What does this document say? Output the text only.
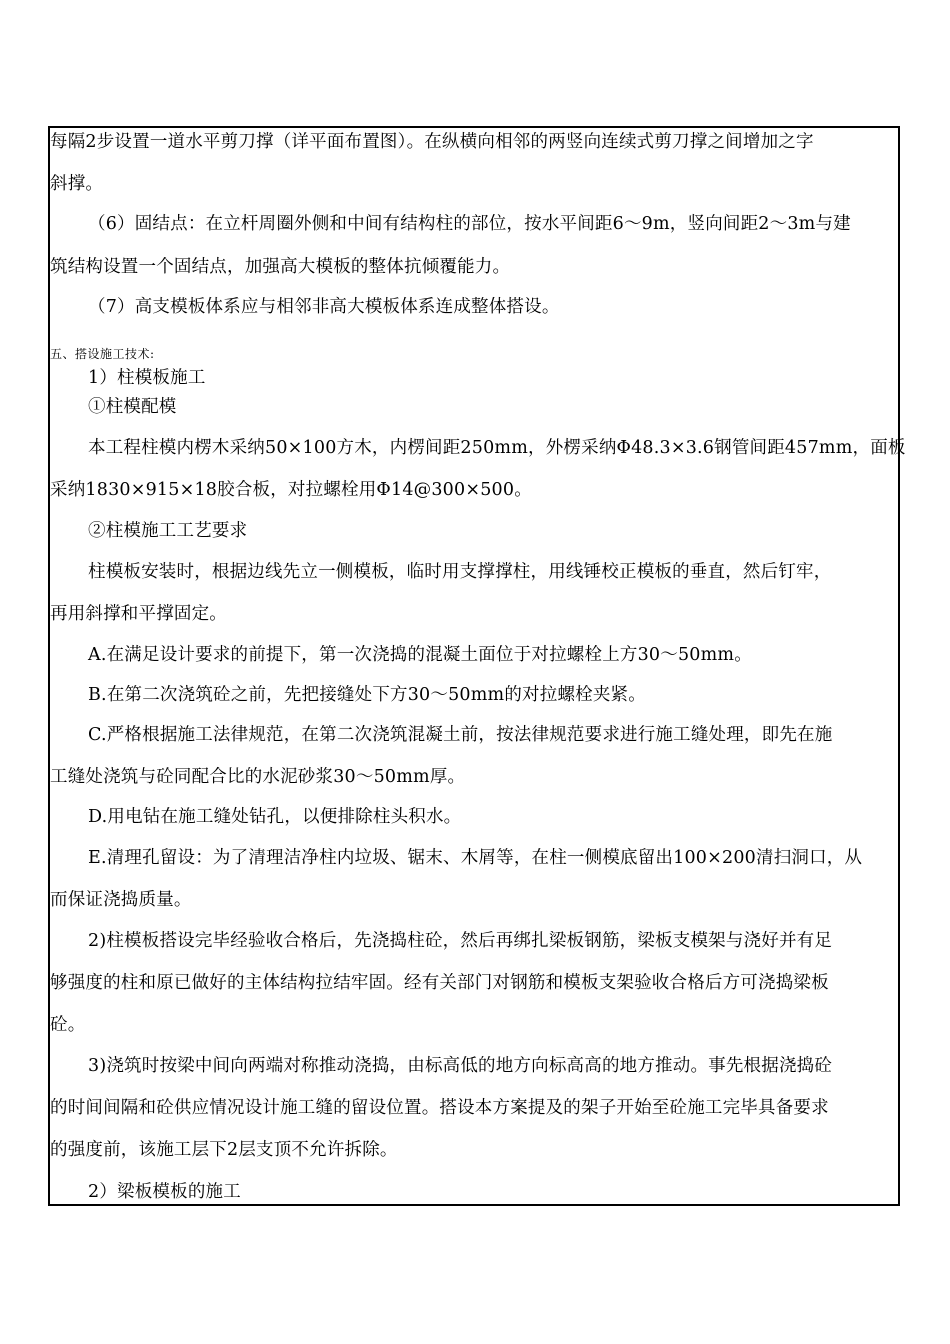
每隔2步设置一道水平剪刀撑（详平面布置图）。在纵横向相邻的两竖向连续式剪刀撑之间增加之字
斜撑。
（6）固结点：在立杆周圈外侧和中间有结构柱的部位，按水平间距6～9m，竖向间距2～3m与建
筑结构设置一个固结点，加强高大模板的整体抗倾覆能力。
（7）高支模板体系应与相邻非高大模板体系连成整体搭设。
五、搭设施工技术:
1）柱模板施工
①柱模配模
本工程柱模内楞木采纳50×100方木，内楞间距250mm，外楞采纳Φ48.3×3.6钢管间距457mm，面板
采纳1830×915×18胶合板，对拉螺栓用Φ14@300×500。
②柱模施工工艺要求
柱模板安装时，根据边线先立一侧模板，临时用支撑撑柱，用线锤校正模板的垂直，然后钉牢，
再用斜撑和平撑固定。
A.在满足设计要求的前提下，第一次浇捣的混凝土面位于对拉螺栓上方30～50mm。
B.在第二次浇筑砼之前，先把接缝处下方30～50mm的对拉螺栓夹紧。
C.严格根据施工法律规范，在第二次浇筑混凝土前，按法律规范要求进行施工缝处理，即先在施
工缝处浇筑与砼同配合比的水泥砂浆30～50mm厚。
D.用电钻在施工缝处钻孔，以便排除柱头积水。
E.清理孔留设：为了清理洁净柱内垃圾、锯末、木屑等，在柱一侧模底留出100×200清扫洞口，从
而保证浇捣质量。
2)柱模板搭设完毕经验收合格后，先浇捣柱砼，然后再绑扎梁板钢筋，梁板支模架与浇好并有足
够强度的柱和原已做好的主体结构拉结牢固。经有关部门对钢筋和模板支架验收合格后方可浇捣梁板
砼。
3)浇筑时按梁中间向两端对称推动浇捣，由标高低的地方向标高高的地方推动。事先根据浇捣砼
的时间间隔和砼供应情况设计施工缝的留设位置。搭设本方案提及的架子开始至砼施工完毕具备要求
的强度前，该施工层下2层支顶不允许拆除。
2）梁板模板的施工
